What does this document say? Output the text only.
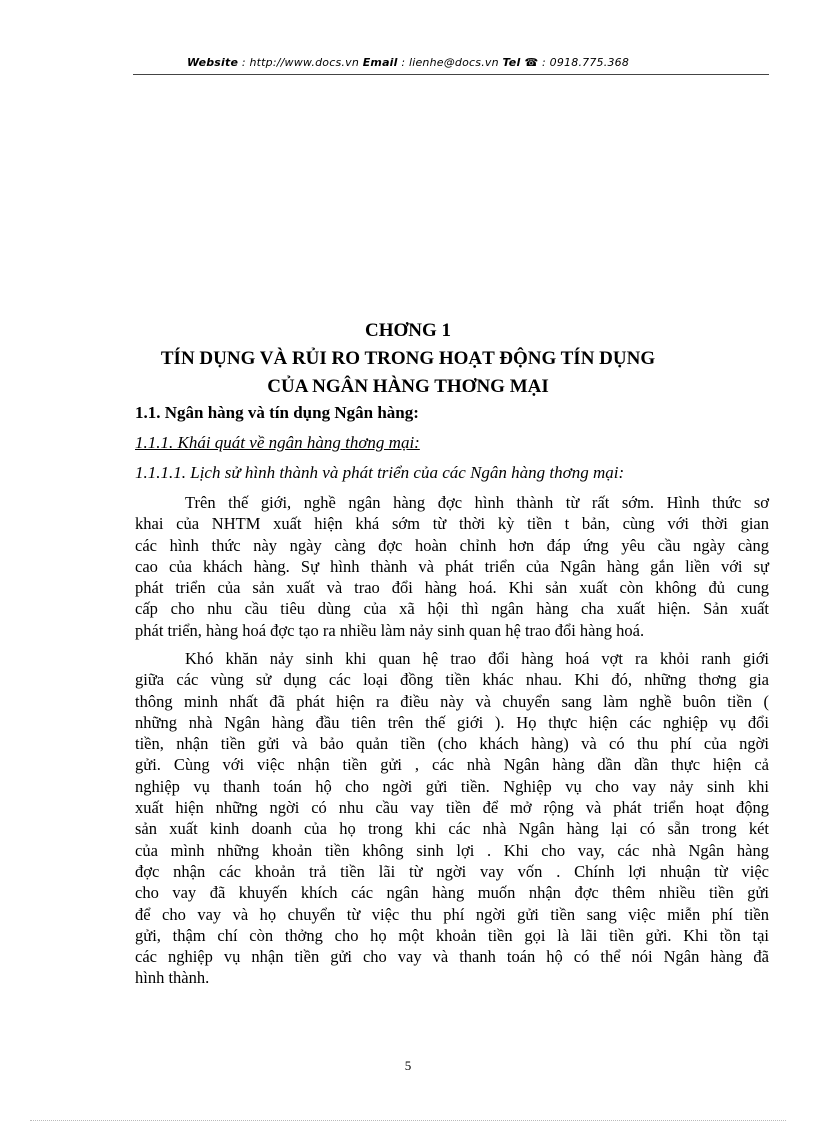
Website : http://www.docs.vn Email : lienhe@docs.vn Tel ☎ : 0918.775.368
CHƠNG 1
TÍN DỤNG VÀ RỦI RO TRONG HOẠT ĐỘNG TÍN DỤNG
CỦA NGÂN HÀNG THƠNG MẠI
1.1. Ngân hàng và tín dụng Ngân hàng:
1.1.1. Khái quát về ngân hàng thơng mại:
1.1.1.1. Lịch sử hình thành và phát triển của các Ngân hàng thơng mại:
Trên thế giới, nghề ngân hàng đợc hình thành từ rất sớm. Hình thức sơ
khai của NHTM xuất hiện khá sớm từ thời kỳ tiền t bản, cùng với thời gian
các hình thức này ngày càng đợc hoàn chỉnh hơn đáp ứng yêu cầu ngày càng
cao của khách hàng. Sự hình thành và phát triển của Ngân hàng gắn liền với sự
phát triển của sản xuất và trao đổi hàng hoá. Khi sản xuất còn không đủ cung
cấp cho nhu cầu tiêu dùng của xã hội thì ngân hàng cha xuất hiện. Sản xuất
phát triển, hàng hoá đợc tạo ra nhiều làm nảy sinh quan hệ trao đổi hàng hoá.
Khó khăn nảy sinh khi quan hệ trao đổi hàng hoá vợt ra khỏi ranh giới
giữa các vùng sử dụng các loại đồng tiền khác nhau. Khi đó, những thơng gia
thông minh nhất đã phát hiện ra điều này và chuyển sang làm nghề buôn tiền (
những nhà Ngân hàng đầu tiên trên thế giới ). Họ thực hiện các nghiệp vụ đổi
tiền, nhận tiền gửi và bảo quản tiền (cho khách hàng) và có thu phí của ngời
gửi. Cùng với việc nhận tiền gửi , các nhà Ngân hàng dần dần thực hiện cả
nghiệp vụ thanh toán hộ cho ngời gửi tiền. Nghiệp vụ cho vay nảy sinh khi
xuất hiện những ngời có nhu cầu vay tiền để mở rộng và phát triển hoạt động
sản xuất kinh doanh của họ trong khi các nhà Ngân hàng lại có sẵn trong két
của mình những khoản tiền không sinh lợi . Khi cho vay, các nhà Ngân hàng
đợc nhận các khoản trả tiền lãi từ ngời vay vốn . Chính lợi nhuận từ việc
cho vay đã khuyến khích các ngân hàng muốn nhận đợc thêm nhiều tiền gửi
để cho vay và họ chuyển từ việc thu phí ngời gửi tiền sang việc miễn phí tiền
gửi, thậm chí còn thởng cho họ một khoản tiền gọi là lãi tiền gửi. Khi tồn tại
các nghiệp vụ nhận tiền gửi cho vay và thanh toán hộ có thể nói Ngân hàng đã
hình thành.
5
